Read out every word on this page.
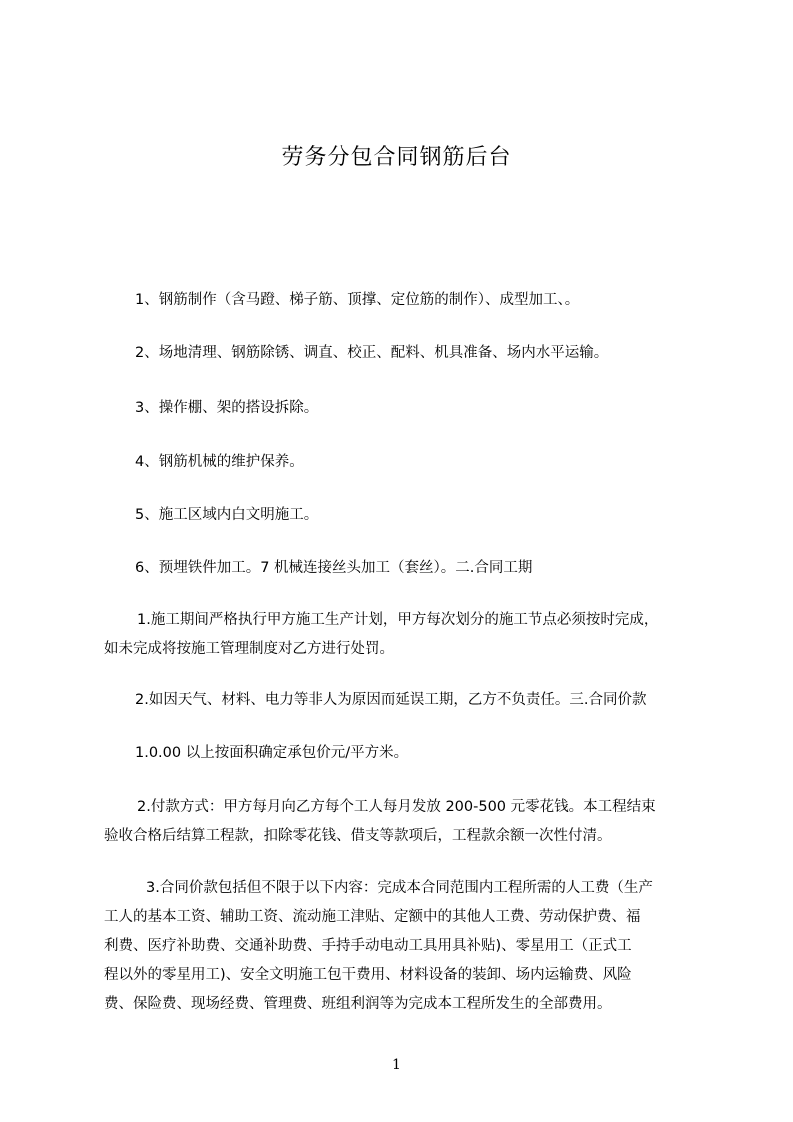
劳务分包合同钢筋后台
1、钢筋制作（含马蹬、梯子筋、顶撑、定位筋的制作）、成型加工、。
2、场地清理、钢筋除锈、调直、校正、配料、机具准备、场内水平运输。
3、操作棚、架的搭设拆除。
4、钢筋机械的维护保养。
5、施工区域内白文明施工。
6、预埋铁件加工。7 机械连接丝头加工（套丝）。二.合同工期
1.施工期间严格执行甲方施工生产计划，甲方每次划分的施工节点必须按时完成，
如未完成将按施工管理制度对乙方进行处罚。
2.如因天气、材料、电力等非人为原因而延误工期，乙方不负责任。三.合同价款
1.0.00 以上按面积确定承包价元/平方米。
2.付款方式：甲方每月向乙方每个工人每月发放 200-500 元零花钱。本工程结束
验收合格后结算工程款，扣除零花钱、借支等款项后，工程款余额一次性付清。
3.合同价款包括但不限于以下内容：完成本合同范围内工程所需的人工费（生产
工人的基本工资、辅助工资、流动施工津贴、定额中的其他人工费、劳动保护费、福
利费、医疗补助费、交通补助费、手持手动电动工具用具补贴)、零星用工（正式工
程以外的零星用工)、安全文明施工包干费用、材料设备的装卸、场内运输费、风险
费、保险费、现场经费、管理费、班组利润等为完成本工程所发生的全部费用。
1
